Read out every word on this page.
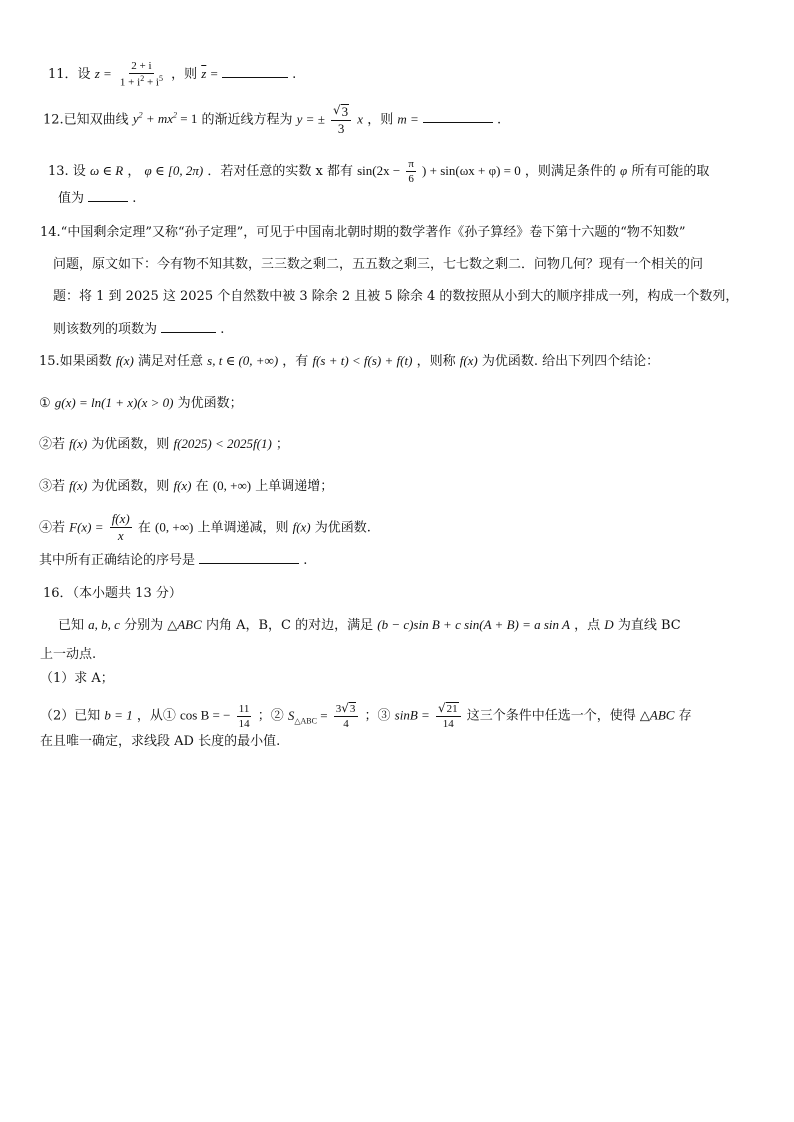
11．设 $z = \frac{2 + i}{1 + i^2 + i^5}$ ，则 $\overline{z}$ =	.
12.已知双曲线 $y^2 + mx^2 = 1$ 的渐近线方程为 y = ± $\frac{√ 3}{3}$ x ，则 m =	.
13. 设 ω ∈ R ， φ ∈ [0, 2π) ．若对任意的实数 x 都有 $\sin(2x - \frac{\pi}{6}$ ) + sin(ωx + φ) = 0 ，则满足条件的 φ 所有可能的取
值为	.
14.“中国剩余定理”又称“孙子定理”，可见于中国南北朝时期的数学著作《孙子算经》卷下第十六题的“物不知数”
问题，原文如下：今有物不知其数，三三数之剩二，五五数之剩三，七七数之剩二．问物几何？现有一个相关的问
题：将 1 到 2025 这 2025 个自然数中被 3 除余 2 且被 5 除余 4 的数按照从小到大的顺序排成一列，构成一个数列，
则该数列的项数为	.
15.如果函数 f(x) 满足对任意 s, t ∈ (0, +∞) ，有 f(s + t) < f(s) + f(t) ，则称 f(x) 为优函数. 给出下列四个结论：
① g(x) = ln(1 + x)(x > 0) 为优函数；
②若 f(x) 为优函数，则 f(2025) < 2025f(1) ；
③若 f(x) 为优函数，则 f(x) 在 (0, +∞) 上单调递增；
④若 $F(x) = \frac{f(x)}{x}$ 在 (0, +∞) 上单调递减，则 f(x) 为优函数.
其中所有正确结论的序号是	.
16．（本小题共 13 分）
已知 a, b, c 分别为 △ABC 内角 A，B，C 的对边，满足 (b − c)sin B + c sin(A + B) = a sin A ，点 D 为直线 BC
上一动点.
（1）求 A；
（2）已知 b = 1 ，从① cos B = − $\frac{11}{14}$ ；② $S_{\triangle ABC} = \frac{3 √ 3}{4}$ ；③ $\sin B = \frac{√ 21}{14}$ 这三个条件中任选一个，使得 △ABC 存
在且唯一确定，求线段 AD 长度的最小值.
